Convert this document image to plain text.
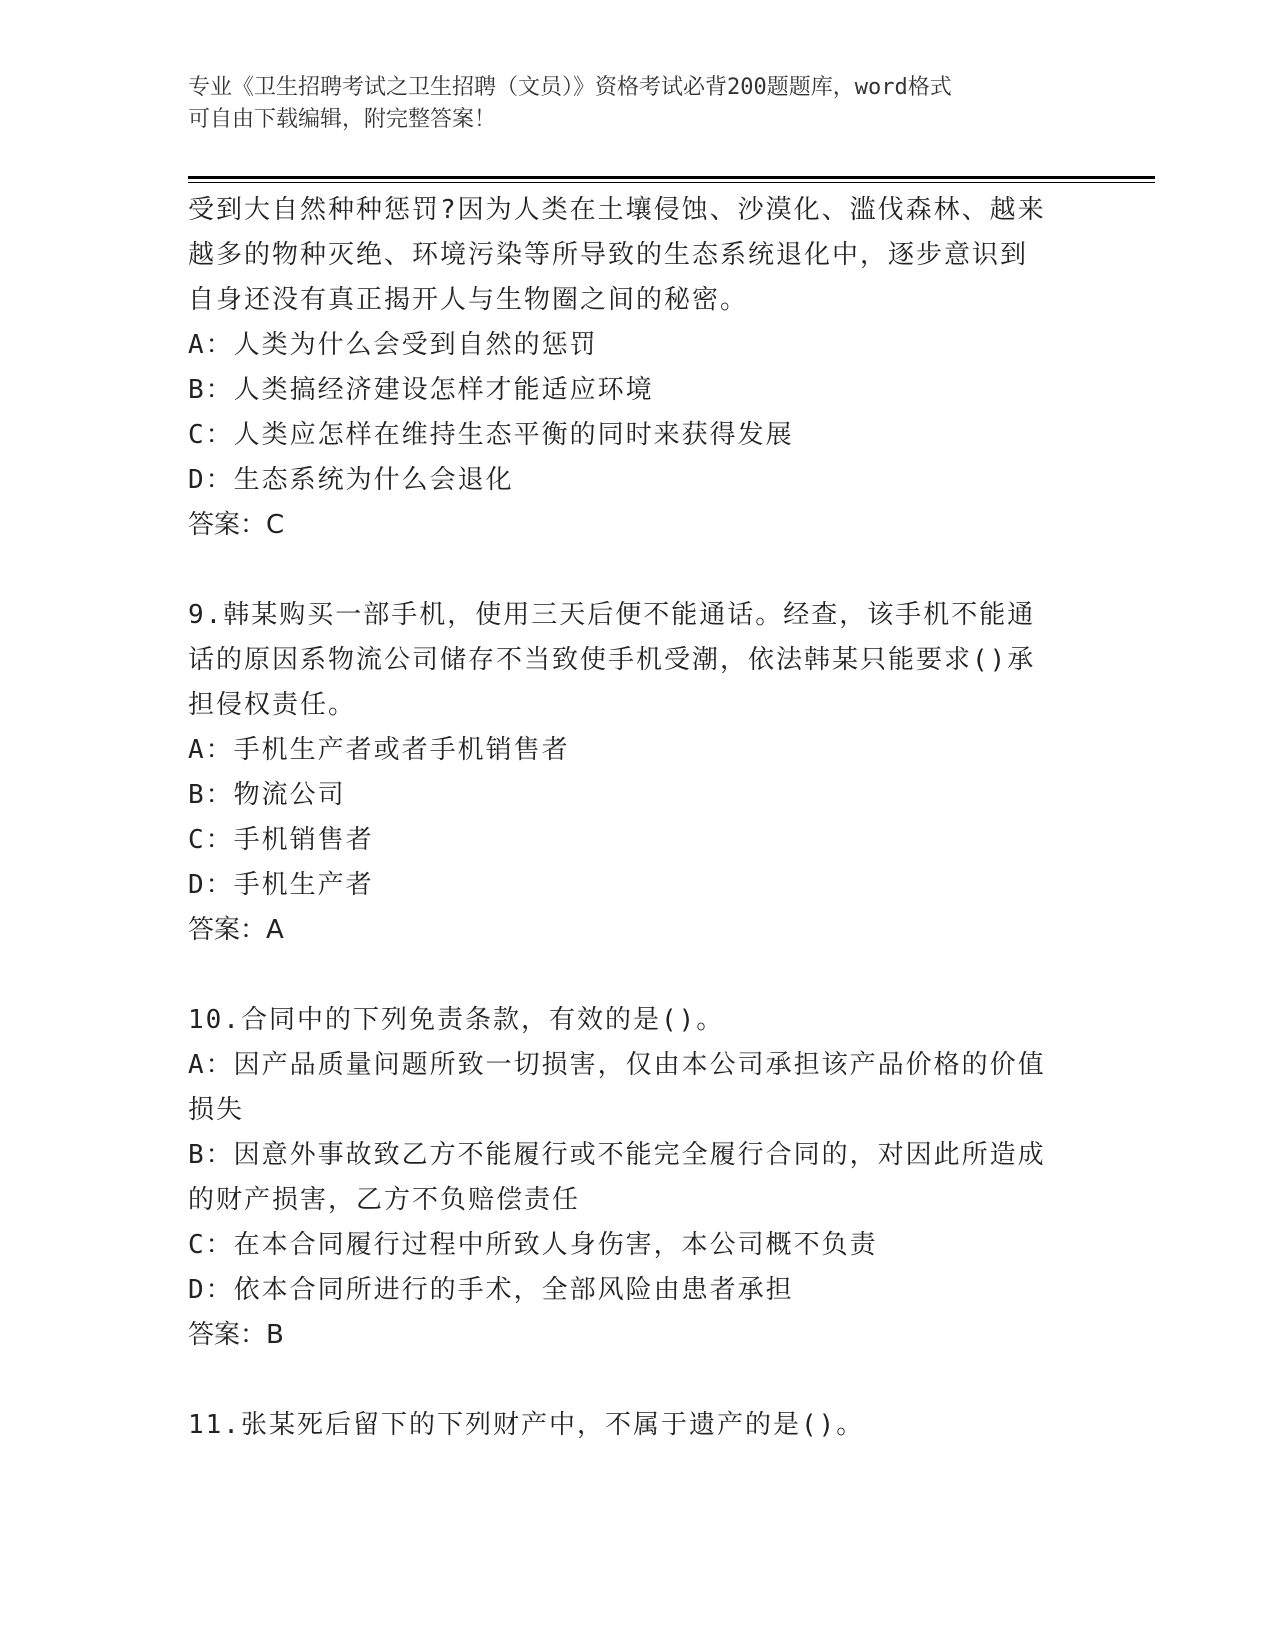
专业《卫生招聘考试之卫生招聘（文员）》资格考试必背200题题库，word格式
可自由下载编辑，附完整答案！

受到大自然种种惩罚?因为人类在土壤侵蚀、沙漠化、滥伐森林、越来

越多的物种灭绝、环境污染等所导致的生态系统退化中，逐步意识到

自身还没有真正揭开人与生物圈之间的秘密。

A：人类为什么会受到自然的惩罚

B：人类搞经济建设怎样才能适应环境

C：人类应怎样在维持生态平衡的同时来获得发展

D：生态系统为什么会退化

答案：C

9.韩某购买一部手机，使用三天后便不能通话。经查，该手机不能通

话的原因系物流公司储存不当致使手机受潮，依法韩某只能要求()承

担侵权责任。

A：手机生产者或者手机销售者

B：物流公司

C：手机销售者

D：手机生产者

答案：A

10.合同中的下列免责条款，有效的是()。

A：因产品质量问题所致一切损害，仅由本公司承担该产品价格的价值

损失

B：因意外事故致乙方不能履行或不能完全履行合同的，对因此所造成

的财产损害，乙方不负赔偿责任

C：在本合同履行过程中所致人身伤害，本公司概不负责

D：依本合同所进行的手术，全部风险由患者承担

答案：B

11.张某死后留下的下列财产中，不属于遗产的是()。
